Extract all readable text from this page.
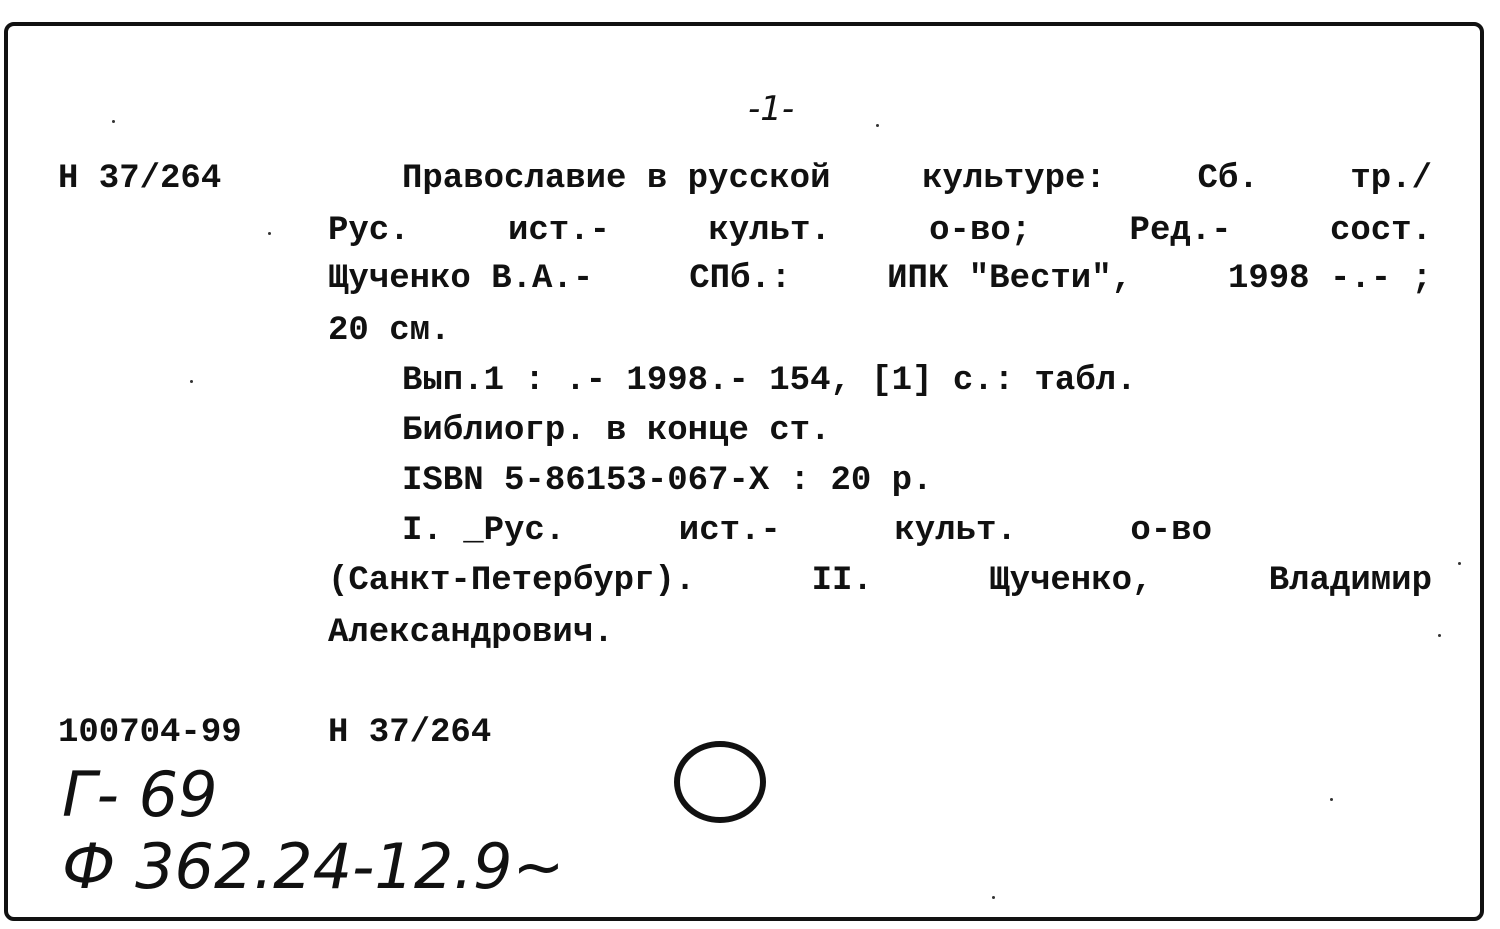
-1-
Н 37/264	Православие в русской	культуре:	Сб.	тр./
Рус.	ист.-	культ.	о-во;	Ред.-	сост.
Щученко В.А.-	СПб.:	ИПК "Вести",	1998 -.- ;
20 см.
Вып.1 : .- 1998.- 154, [1] с.: табл.
Библиогр. в конце ст.
ISBN 5-86153-067-X : 20 р.
I. _Рус.	ист.-	культ.	о-во
(Санкт-Петербург).	II.	Щученко,	Владимир
Александрович.
100704-99	Н 37/264
Г- 69
Ф 362.24-12.9~
